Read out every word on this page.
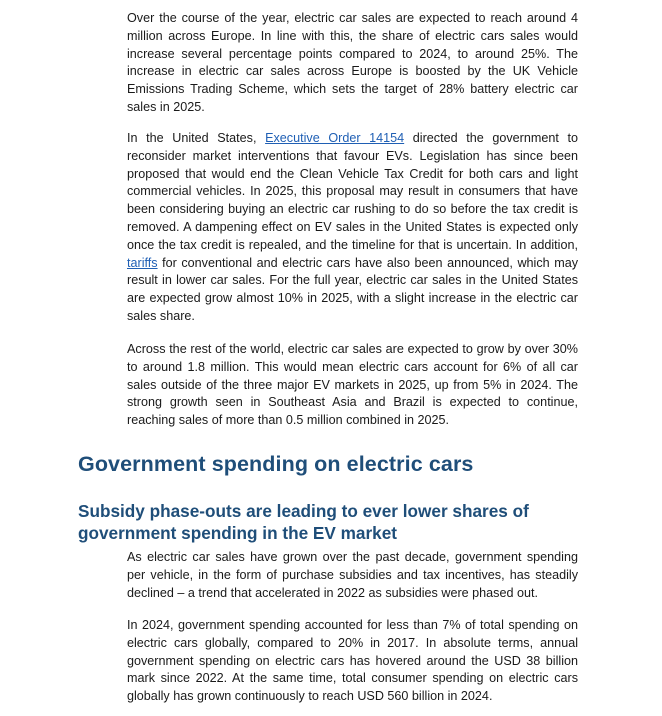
Over the course of the year, electric car sales are expected to reach around 4 million across Europe. In line with this, the share of electric cars sales would increase several percentage points compared to 2024, to around 25%. The increase in electric car sales across Europe is boosted by the UK Vehicle Emissions Trading Scheme, which sets the target of 28% battery electric car sales in 2025.

In the United States, Executive Order 14154 directed the government to reconsider market interventions that favour EVs. Legislation has since been proposed that would end the Clean Vehicle Tax Credit for both cars and light commercial vehicles. In 2025, this proposal may result in consumers that have been considering buying an electric car rushing to do so before the tax credit is removed. A dampening effect on EV sales in the United States is expected only once the tax credit is repealed, and the timeline for that is uncertain. In addition, tariffs for conventional and electric cars have also been announced, which may result in lower car sales. For the full year, electric car sales in the United States are expected grow almost 10% in 2025, with a slight increase in the electric car sales share.

Across the rest of the world, electric car sales are expected to grow by over 30% to around 1.8 million. This would mean electric cars account for 6% of all car sales outside of the three major EV markets in 2025, up from 5% in 2024. The strong growth seen in Southeast Asia and Brazil is expected to continue, reaching sales of more than 0.5 million combined in 2025.

Government spending on electric cars
Subsidy phase-outs are leading to ever lower shares of government spending in the EV market

As electric car sales have grown over the past decade, government spending per vehicle, in the form of purchase subsidies and tax incentives, has steadily declined – a trend that accelerated in 2022 as subsidies were phased out.

In 2024, government spending accounted for less than 7% of total spending on electric cars globally, compared to 20% in 2017. In absolute terms, annual government spending on electric cars has hovered around the USD 38 billion mark since 2022. At the same time, total consumer spending on electric cars globally has grown continuously to reach USD 560 billion in 2024.
